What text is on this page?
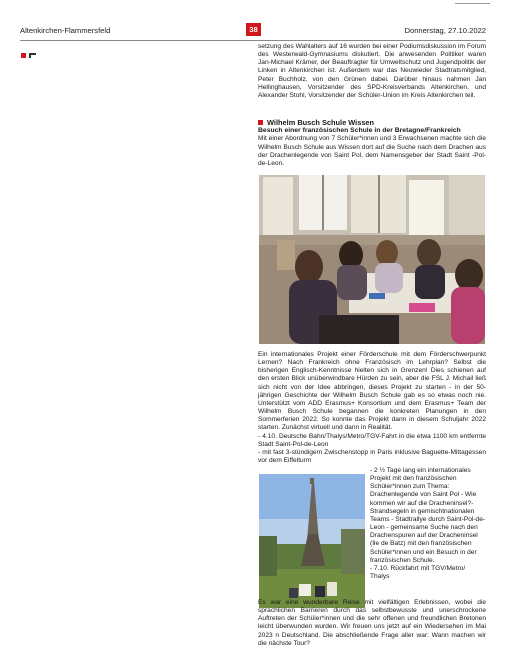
Altenkirchen-Flammersfeld	38	Donnerstag, 27.10.2022

setzung des Wahlalters auf 16 wurden bei einer Podiumsdiskussion im Forum des Westerwald-Gymnasiums diskutiert. Die anwesenden Politiker waren Jan-Michael Krämer, der Beauftragter für Umweltschutz und Jugendpolitik der Linken in Altenkirchen ist. Außerdem war das Neuwieder Stadtratsmitglied, Peter Buchholz, von den Grünen dabei. Darüber hinaus nahmen Jan Hellinghausen, Vorsitzender des SPD-Kreisverbands Altenkirchen, und Alexander Stohl, Vorsitzender der Schüler-Union im Kreis Altenkirchen teil.

Wilhelm Busch Schule Wissen
Besuch einer französischen Schule in der Bretagne/Frankreich

Mit einer Abordnung von 7 Schüler*innen und 3 Erwachsenen machte sich die Wilhelm Busch Schule aus Wissen dort auf die Suche nach dem Drachen aus der Drachenlegende von Saint Pol, dem Namensgeber der Stadt Saint -Pol-de-Leon.

Ein internationales Projekt einer Förderschule mit dem Förderschwerpunkt Lernen? Nach Frankreich ohne Französisch im Lehrplan? Selbst die bisherigen Englisch-Kenntnisse hielten sich in Grenzen! Dies schienen auf den ersten Blick unüberwindbare Hürden zu sein, aber die FSL J. Michail ließ sich nicht von der Idee abbringen, dieses Projekt zu starten - in der 50-jährigen Geschichte der Wilhelm Busch Schule gab es so etwas noch nie. Unterstützt vom ADD Erasmus+ Konsortium und dem Erasmus+ Team der Wilhelm Busch Schule begannen die konkreten Planungen in den Sommerferien 2022. So konnte das Projekt dann in diesem Schuljahr 2022 starten. Zunächst virtuell und dann in Realität.

- 4.10. Deutsche Bahn/Thalys/Metro/TGV-Fahrt in die etwa 1100 km entfernte Stadt Saint-Pol-de-Leon

- mit fast 3-stündigem Zwischenstopp in Paris inklusive Baguette-Mittagessen vor dem Eiffelturm

- 2 ½ Tage lang ein internationales Projekt mit den französischen Schüler*innen zum Thema: Drachenlegende von Saint Pol - Wie kommen wir auf die Dracheninsel?- Strandsegeln in gemischtnationalen Teams - Stadtrallye durch Saint-Pol-de-Leon - gemeinsame Suche nach den Drachenspuren auf der Dracheninsel (Ile de Batz) mit den französischen Schüler*innen und ein Besuch in der französischen Schule.

- 7.10. Rückfahrt mit TGV/Metro/ Thalys

Es war eine wunderbare Reise mit vielfältigen Erlebnissen, wobei die sprachlichen Barrieren durch das selbstbewusste und unerschrockene Auftreten der Schüler*innen und die sehr offenen und freundlichen Bretonen leicht überwunden wurden. Wir freuen uns jetzt auf ein Wiedersehen im Mai 2023 n Deutschland. Die abschließende Frage aller war: Wann machen wir die nächste Tour?
